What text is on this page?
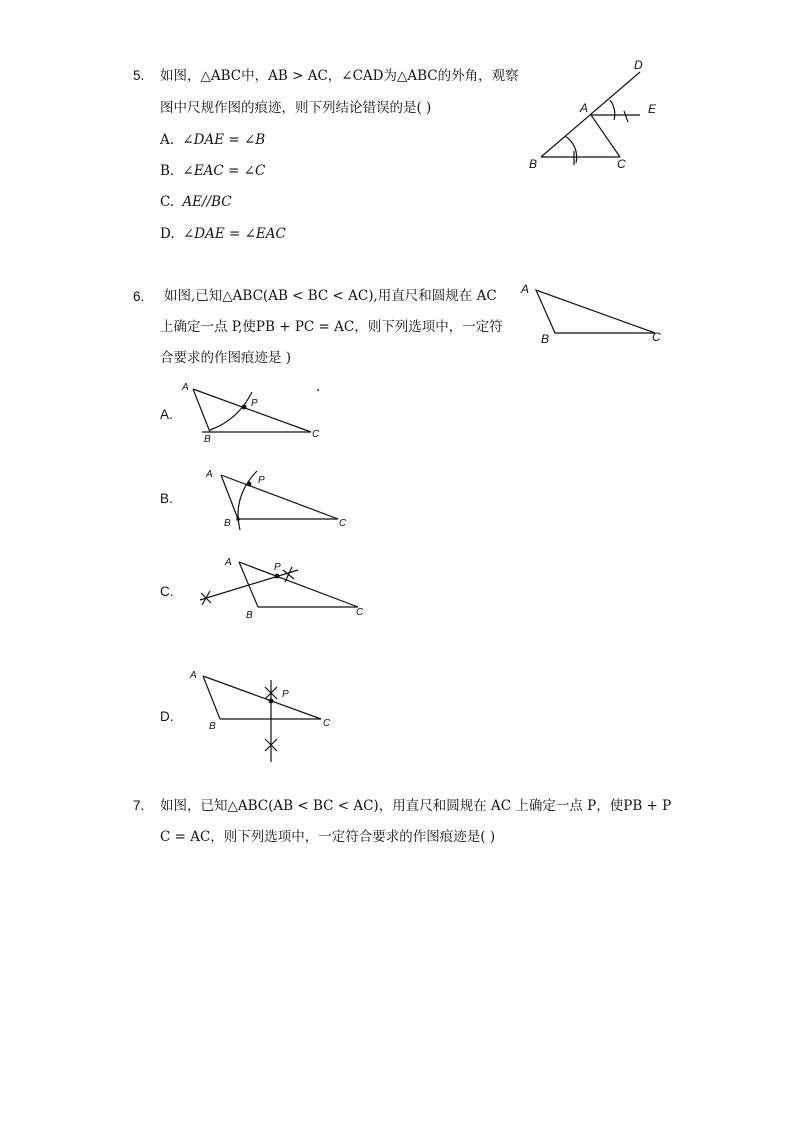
5. 如图，△ABC中，AB > AC，∠CAD为△ABC的外角，观察
图中尺规作图的痕迹，则下列结论错误的是( )
A. ∠DAE = ∠B
B. ∠EAC = ∠C
C. AE//BC
D. ∠DAE = ∠EAC
D
A	E
B	C
6. 如图,已知△ABC(AB < BC < AC),用直尺和圆规在 AC
上确定一点 P,使PB + PC = AC，则下列选项中，一定符
合要求的作图痕迹是 )
A
B	C
.
A.
A
P
B	C
B.
A
P
B	C
C.
A	P
B	C
D.
A
P
B	C
7. 如图，已知△ABC(AB < BC < AC)，用直尺和圆规在 AC 上确定一点 P，使PB + P
C = AC，则下列选项中，一定符合要求的作图痕迹是( )
